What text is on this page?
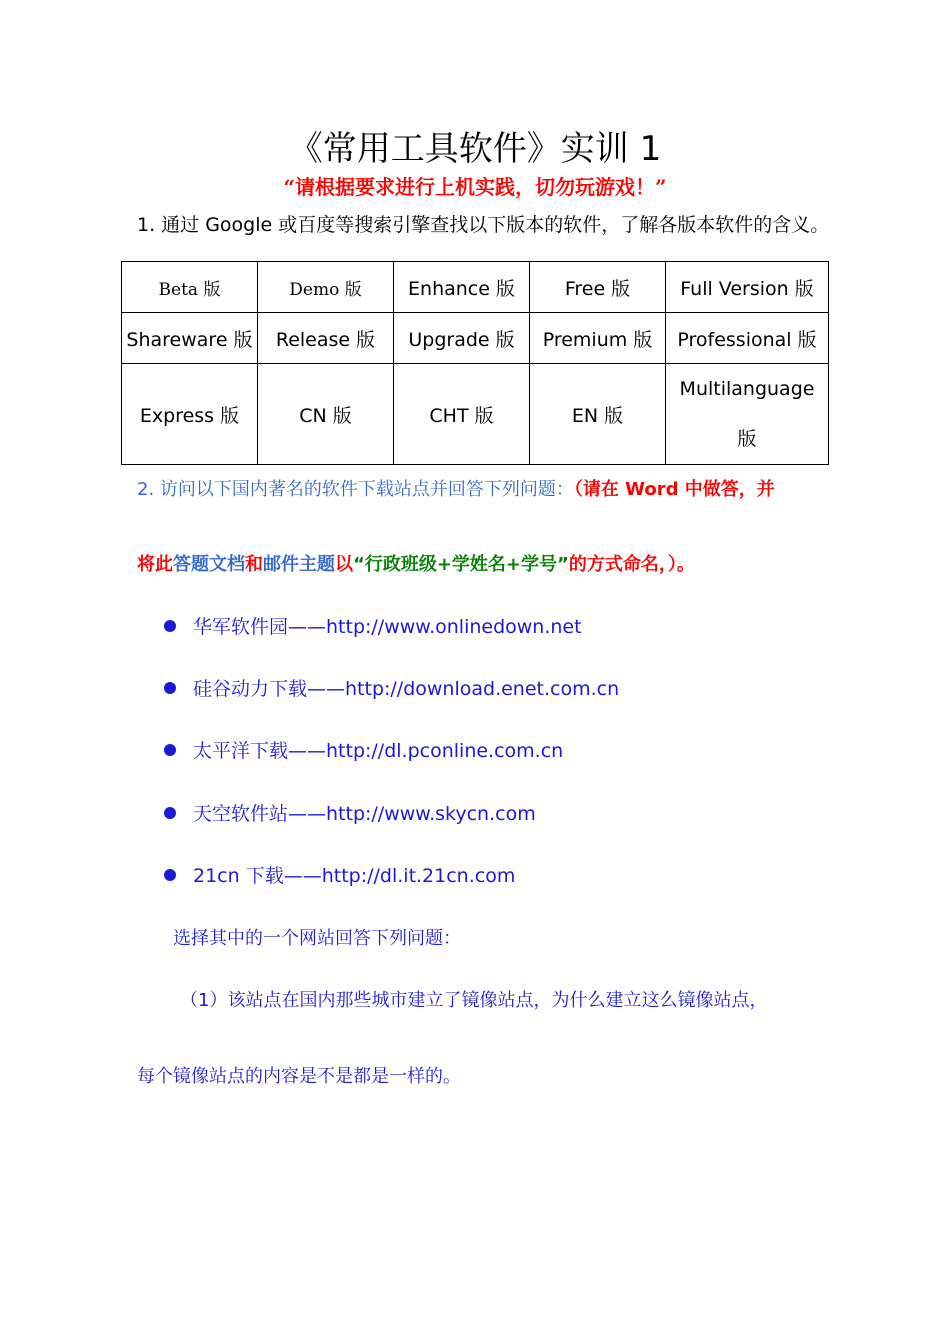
《常用工具软件》实训 1
“请根据要求进行上机实践，切勿玩游戏！”
1. 通过 Google 或百度等搜索引擎查找以下版本的软件，了解各版本软件的含义。
Beta 版	Demo 版	Enhance 版	Free 版	Full Version 版
Shareware 版	Release 版	Upgrade 版	Premium 版	Professional 版
Express 版	CN 版	CHT 版	EN 版	Multilanguage
版
2. 访问以下国内著名的软件下载站点并回答下列问题：（请在 Word 中做答，并
将此答题文档和邮件主题以“行政班级+学姓名+学号”的方式命名，）。
华军软件园——http://www.onlinedown.net
硅谷动力下载——http://download.enet.com.cn
太平洋下载——http://dl.pconline.com.cn
天空软件站——http://www.skycn.com
21cn 下载——http://dl.it.21cn.com
选择其中的一个网站回答下列问题：
（1）该站点在国内那些城市建立了镜像站点，为什么建立这么镜像站点，
每个镜像站点的内容是不是都是一样的。
